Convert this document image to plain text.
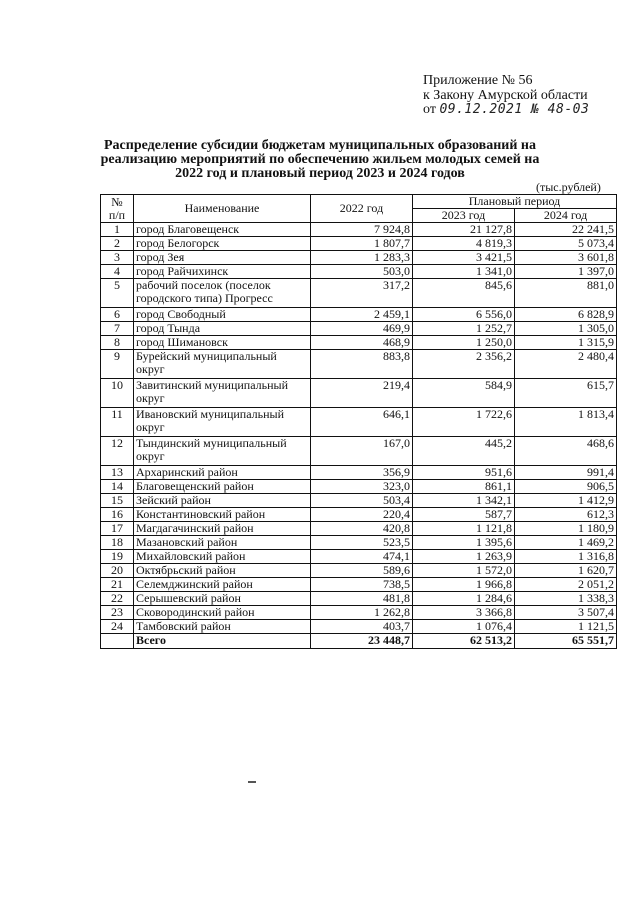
Приложение № 56
к Закону Амурской области
от 09.12.2021 № 48-03
Распределение субсидии бюджетам муниципальных образований на
реализацию мероприятий по обеспечению жильем молодых семей на
2022 год и плановый период 2023 и 2024 годов
(тыс.рублей)
№
п/п	Наименование	2022 год	Плановый период	
			2023 год	2024 год
1	город Благовещенск	7 924,8	21 127,8	22 241,5
2	город Белогорск	1 807,7	4 819,3	5 073,4
3	город Зея	1 283,3	3 421,5	3 601,8
4	город Райчихинск	503,0	1 341,0	1 397,0
5	рабочий поселок (поселок городского типа) Прогресс	317,2	845,6	881,0
6	город Свободный	2 459,1	6 556,0	6 828,9
7	город Тында	469,9	1 252,7	1 305,0
8	город Шимановск	468,9	1 250,0	1 315,9
9	Бурейский муниципальный округ	883,8	2 356,2	2 480,4
10	Завитинский муниципальный округ	219,4	584,9	615,7
11	Ивановский муниципальный округ	646,1	1 722,6	1 813,4
12	Тындинский муниципальный округ	167,0	445,2	468,6
13	Архаринский район	356,9	951,6	991,4
14	Благовещенский район	323,0	861,1	906,5
15	Зейский район	503,4	1 342,1	1 412,9
16	Константиновский район	220,4	587,7	612,3
17	Магдагачинский район	420,8	1 121,8	1 180,9
18	Мазановский район	523,5	1 395,6	1 469,2
19	Михайловский район	474,1	1 263,9	1 316,8
20	Октябрьский район	589,6	1 572,0	1 620,7
21	Селемджинский район	738,5	1 966,8	2 051,2
22	Серышевский район	481,8	1 284,6	1 338,3
23	Сковородинский район	1 262,8	3 366,8	3 507,4
24	Тамбовский район	403,7	1 076,4	1 121,5
	Всего	23 448,7	62 513,2	65 551,7
